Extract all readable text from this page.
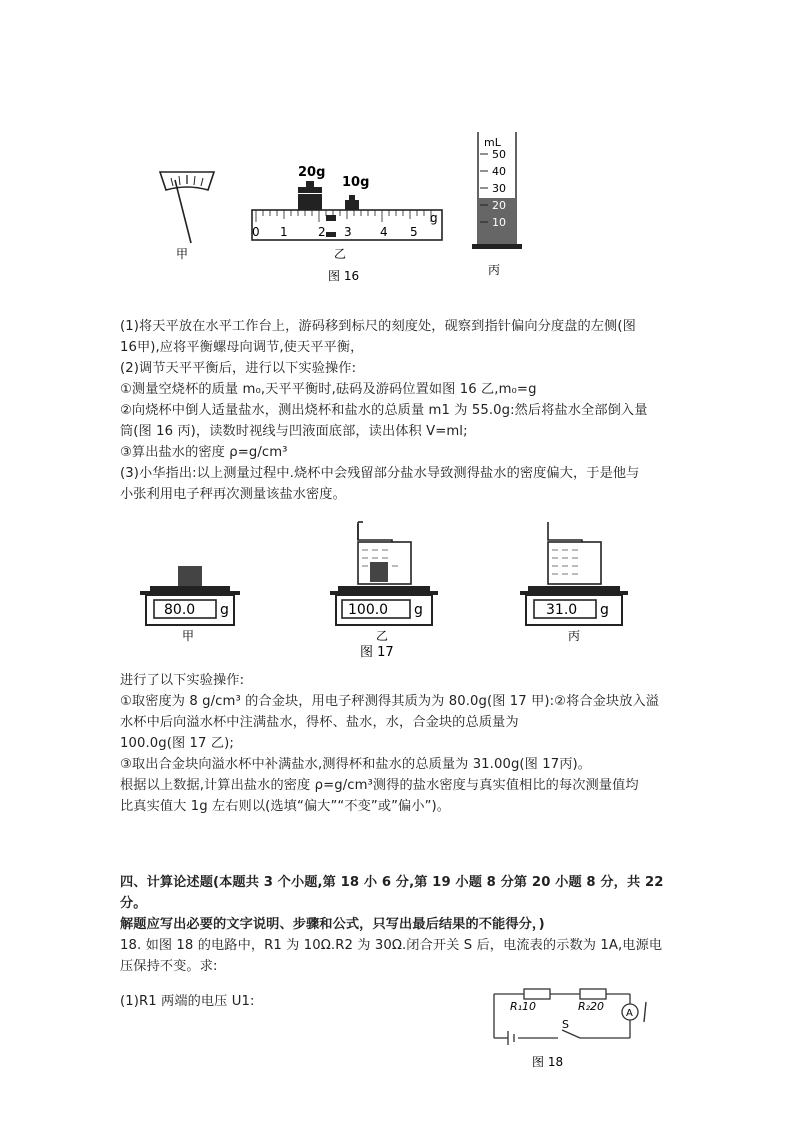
甲
20g
10g
0 1	2 3 4 5
g
乙
图 16
mL
50
40
30
20
10
丙
(1)将天平放在水平工作台上，游码移到标尺的刻度处，砚察到指针偏向分度盘的左侧(图
16甲),应将平衡螺母向调节,使天平平衡，
(2)调节天平平衡后，进行以下实验操作:
①测量空烧杯的质量 m₀,天平平衡时,砝码及游码位置如图 16 乙,m₀=g
②向烧杯中倒人适量盐水，测出烧杯和盐水的总质量 m1 为 55.0g:然后将盐水全部倒入量
筒(图 16 丙)，读数时视线与凹液面底部，读出体积 V=ml;
③算出盐水的密度 ρ=g/cm³
(3)小华指出:以上测量过程中.烧杯中会残留部分盐水导致测得盐水的密度偏大，于是他与
小张利用电子秤再次测量该盐水密度。
80.0 g
甲
100.0 g
乙
31.0 g
丙
图 17
进行了以下实验操作:
①取密度为 8 g/cm³ 的合金块，用电子秤测得其质为为 80.0g(图 17 甲):②将合金块放入溢
水杯中后向溢水杯中注满盐水，得杯、盐水，水，合金块的总质量为
100.0g(图 17 乙);
③取出合金块向溢水杯中补满盐水,测得杯和盐水的总质量为 31.00g(图 17丙)。
根据以上数据,计算出盐水的密度 ρ=g/cm³测得的盐水密度与真实值相比的每次测量值均
比真实值大 1g 左右则以(选填“偏大”“不变”或”偏小”)。
四、计算论述题(本题共 3 个小题,第 18 小 6 分,第 19 小题 8 分第 20 小题 8 分，共 22 分。
解题应写出必要的文字说明、步骤和公式，只写出最后结果的不能得分，)
18. 如图 18 的电路中，R1 为 10Ω.R2 为 30Ω.闭合开关 S 后，电流表的示数为 1A,电源电
压保持不变。求:
(1)R1 两端的电压 U1:	R₁10	R₂20
A
S
图 18
